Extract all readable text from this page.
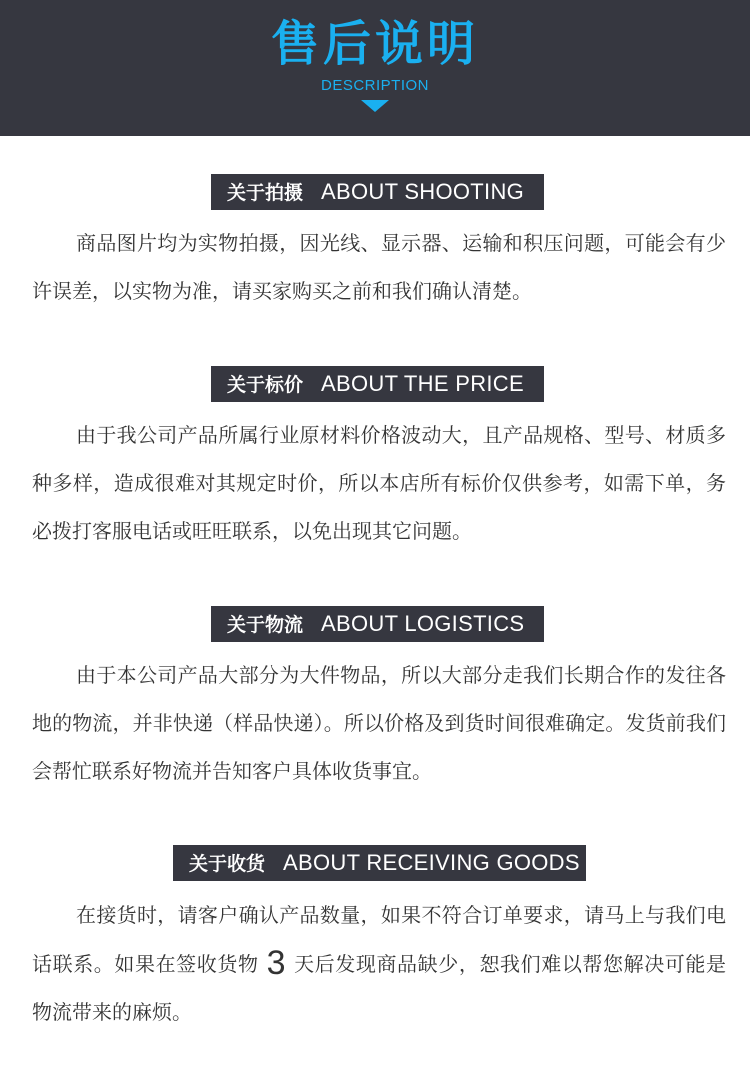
售后说明
DESCRIPTION
关于拍摄 ABOUT SHOOTING

商品图片均为实物拍摄，因光线、显示器、运输和积压问题，可能会有少许误差，以实物为准，请买家购买之前和我们确认清楚。

关于标价 ABOUT THE PRICE

由于我公司产品所属行业原材料价格波动大，且产品规格、型号、材质多种多样，造成很难对其规定时价，所以本店所有标价仅供参考，如需下单，务必拨打客服电话或旺旺联系，以免出现其它问题。

关于物流 ABOUT LOGISTICS

由于本公司产品大部分为大件物品，所以大部分走我们长期合作的发往各地的物流，并非快递（样品快递）。所以价格及到货时间很难确定。发货前我们会帮忙联系好物流并告知客户具体收货事宜。

关于收货 ABOUT RECEIVING GOODS

在接货时，请客户确认产品数量，如果不符合订单要求，请马上与我们电话联系。如果在签收货物 3 天后发现商品缺少，恕我们难以帮您解决可能是物流带来的麻烦。
